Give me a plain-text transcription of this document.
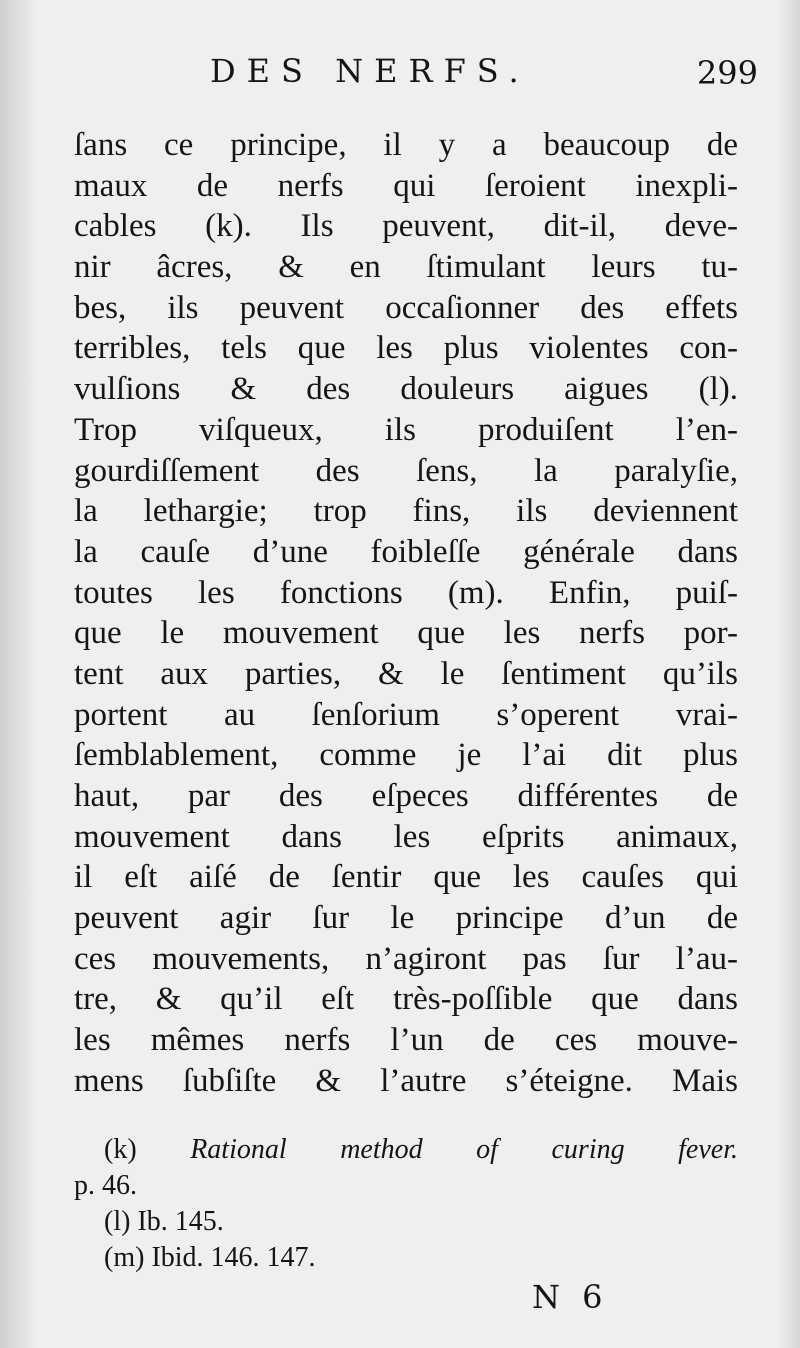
DES NERFS.	299
ſans ce principe, il y a beaucoup de
maux de nerfs qui ſeroient inexpli-
cables (k). Ils peuvent, dit-il, deve-
nir âcres, & en ſtimulant leurs tu-
bes, ils peuvent occaſionner des effets
terribles, tels que les plus violentes con-
vulſions & des douleurs aigues (l).
Trop viſqueux, ils produiſent l’en-
gourdiſſement des ſens, la paralyſie,
la lethargie; trop fins, ils deviennent
la cauſe d’une foibleſſe générale dans
toutes les fonctions (m). Enfin, puiſ-
que le mouvement que les nerfs por-
tent aux parties, & le ſentiment qu’ils
portent au ſenſorium s’operent vrai-
ſemblablement, comme je l’ai dit plus
haut, par des eſpeces différentes de
mouvement dans les eſprits animaux,
il eſt aiſé de ſentir que les cauſes qui
peuvent agir ſur le principe d’un de
ces mouvements, n’agiront pas ſur l’au-
tre, & qu’il eſt très-poſſible que dans
les mêmes nerfs l’un de ces mouve-
mens ſubſiſte & l’autre s’éteigne. Mais
(k) Rational method of curing fever.
p. 46.
(l) Ib. 145.
(m) Ibid. 146. 147.
N 6
